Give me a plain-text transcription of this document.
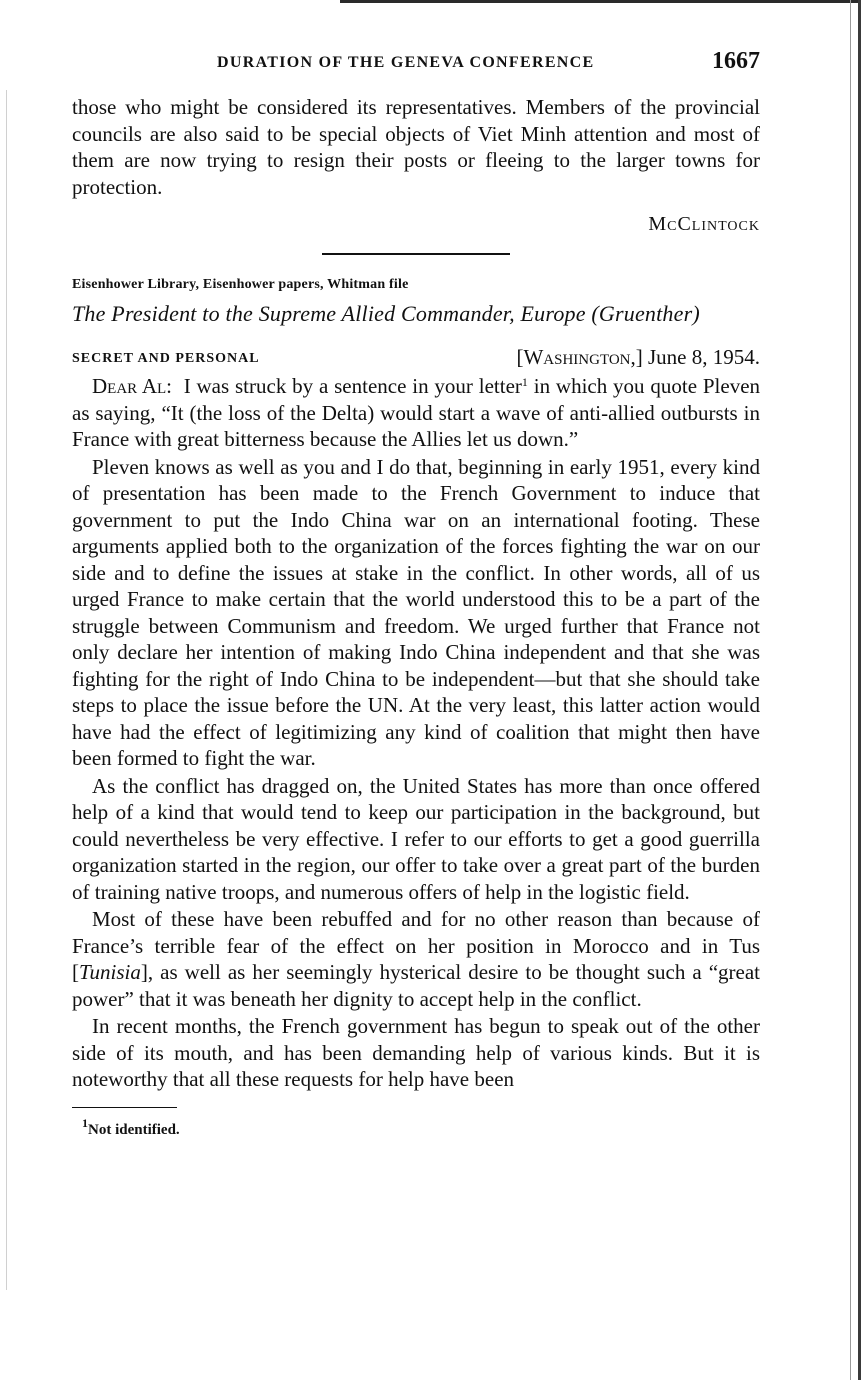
DURATION OF THE GENEVA CONFERENCE	1667

those who might be considered its representatives. Members of the provincial councils are also said to be special objects of Viet Minh attention and most of them are now trying to resign their posts or fleeing to the larger towns for protection.

McClintock
Eisenhower Library, Eisenhower papers, Whitman file
The President to the Supreme Allied Commander, Europe (Gruenther)
SECRET AND PERSONAL	[Washington,] June 8, 1954.

Dear Al: I was struck by a sentence in your letter$^1$ in which you quote Pleven as saying, “It (the loss of the Delta) would start a wave of anti-allied outbursts in France with great bitterness because the Allies let us down.”

Pleven knows as well as you and I do that, beginning in early 1951, every kind of presentation has been made to the French Government to induce that government to put the Indo China war on an international footing. These arguments applied both to the organization of the forces fighting the war on our side and to define the issues at stake in the conflict. In other words, all of us urged France to make certain that the world understood this to be a part of the struggle between Communism and freedom. We urged further that France not only declare her intention of making Indo China independent and that she was fighting for the right of Indo China to be independent—but that she should take steps to place the issue before the UN. At the very least, this latter action would have had the effect of legitimizing any kind of coalition that might then have been formed to fight the war.

As the conflict has dragged on, the United States has more than once offered help of a kind that would tend to keep our participation in the background, but could nevertheless be very effective. I refer to our efforts to get a good guerrilla organization started in the region, our offer to take over a great part of the burden of training native troops, and numerous offers of help in the logistic field.

Most of these have been rebuffed and for no other reason than because of France’s terrible fear of the effect on her position in Morocco and in Tus [Tunisia], as well as her seemingly hysterical desire to be thought such a “great power” that it was beneath her dignity to accept help in the conflict.

In recent months, the French government has begun to speak out of the other side of its mouth, and has been demanding help of various kinds. But it is noteworthy that all these requests for help have been

$^1$Not identified.
